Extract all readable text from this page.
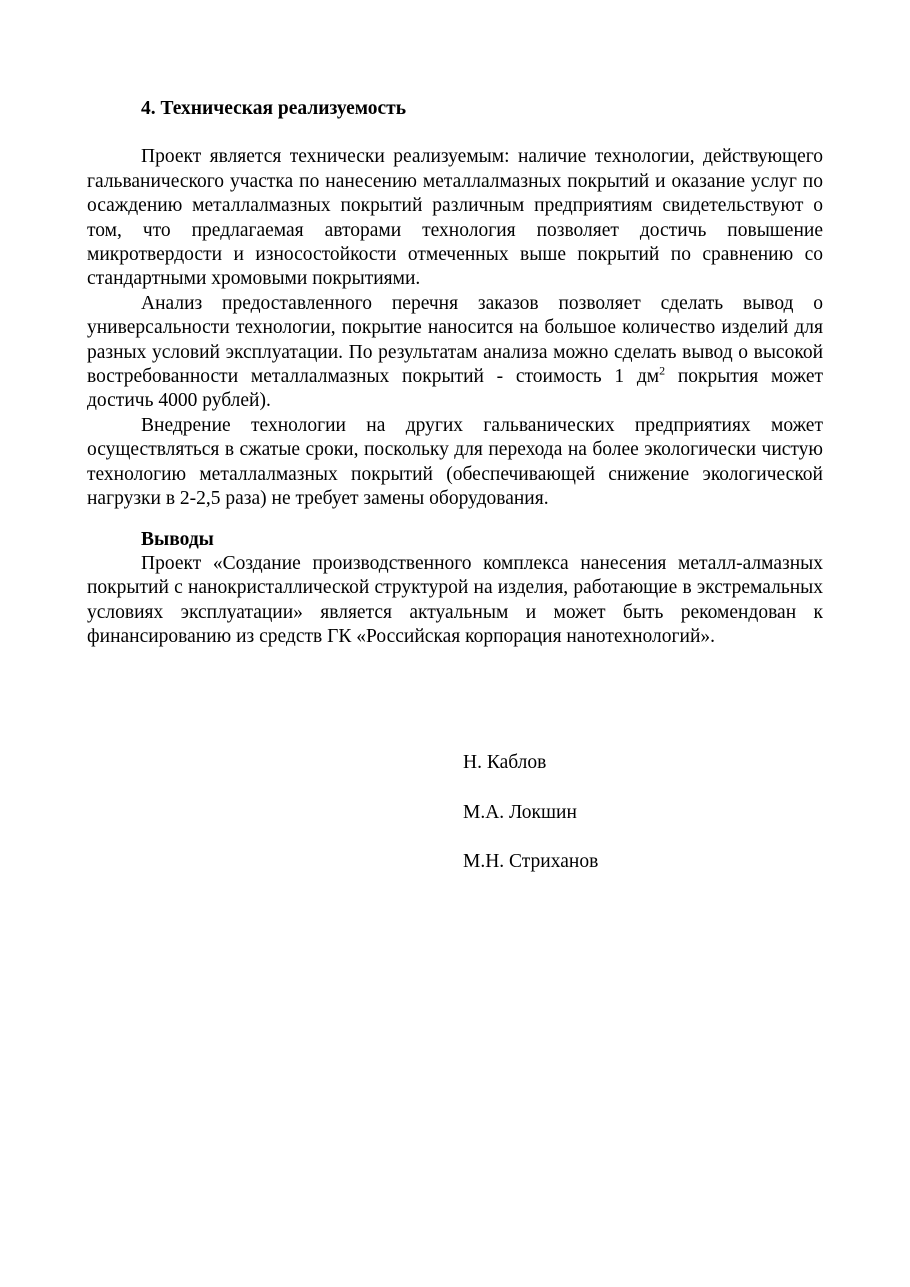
4. Техническая реализуемость

Проект является технически реализуемым: наличие технологии, действующего гальванического участка по нанесению металлалмазных покрытий и оказание услуг по осаждению металлалмазных покрытий различным предприятиям свидетельствуют о том, что предлагаемая авторами технология позволяет достичь повышение микротвердости и износостойкости отмеченных выше покрытий по сравнению со стандартными хромовыми покрытиями.

Анализ предоставленного перечня заказов позволяет сделать вывод о универсальности технологии, покрытие наносится на большое количество изделий для разных условий эксплуатации. По результатам анализа можно сделать вывод о высокой востребованности металлалмазных покрытий - стоимость 1 $дм^2$ покрытия может достичь 4000 рублей).

Внедрение технологии на других гальванических предприятиях может осуществляться в сжатые сроки, поскольку для перехода на более экологически чистую технологию металлалмазных покрытий (обеспечивающей снижение экологической нагрузки в 2-2,5 раза) не требует замены оборудования.

Выводы

Проект «Создание производственного комплекса нанесения металл-алмазных покрытий с нанокристаллической структурой на изделия, работающие в экстремальных условиях эксплуатации» является актуальным и может быть рекомендован к финансированию из средств ГК «Российская корпорация нанотехнологий».

Н. Каблов

М.А. Локшин

М.Н. Стриханов
